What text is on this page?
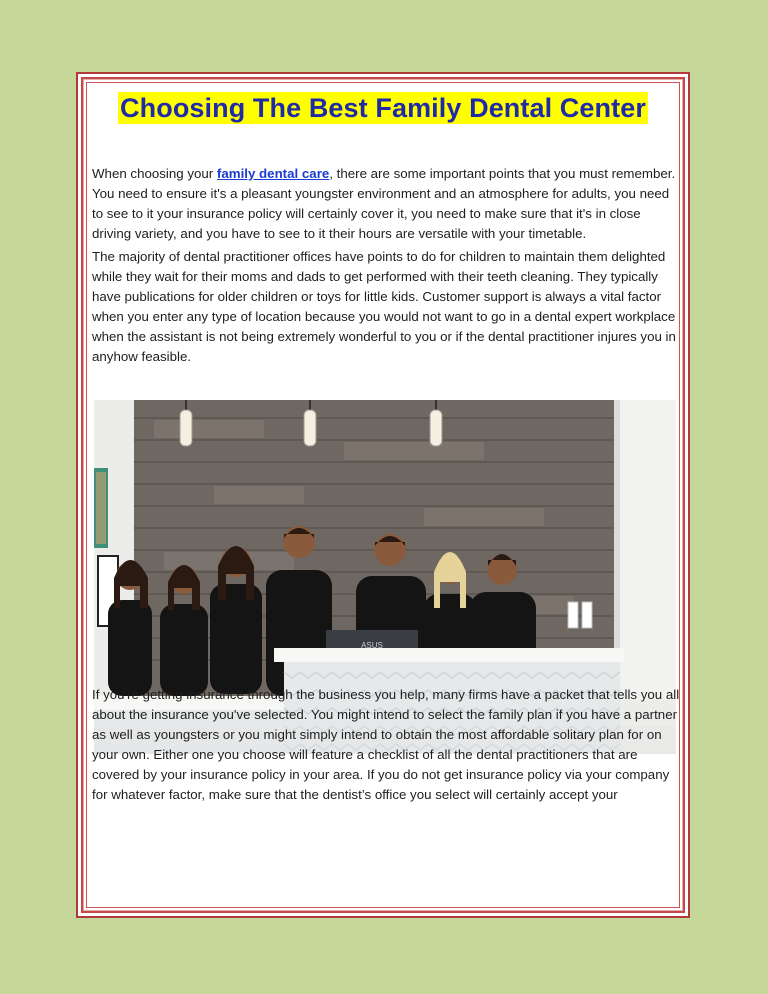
Choosing The Best Family Dental Center

When choosing your family dental care, there are some important points that you must remember. You need to ensure it's a pleasant youngster environment and an atmosphere for adults, you need to see to it your insurance policy will certainly cover it, you need to make sure that it's in close driving variety, and you have to see to it their hours are versatile with your timetable.

The majority of dental practitioner offices have points to do for children to maintain them delighted while they wait for their moms and dads to get performed with their teeth cleaning. They typically have publications for older children or toys for little kids. Customer support is always a vital factor when you enter any type of location because you would not want to go in a dental expert workplace when the assistant is not being extremely wonderful to you or if the dental practitioner injures you in anyhow feasible.

ASUS

If you're getting insurance through the business you help, many firms have a packet that tells you all about the insurance you've selected. You might intend to select the family plan if you have a partner as well as youngsters or you might simply intend to obtain the most affordable solitary plan for on your own. Either one you choose will feature a checklist of all the dental practitioners that are covered by your insurance policy in your area. If you do not get insurance policy via your company for whatever factor, make sure that the dentist’s office you select will certainly accept your
